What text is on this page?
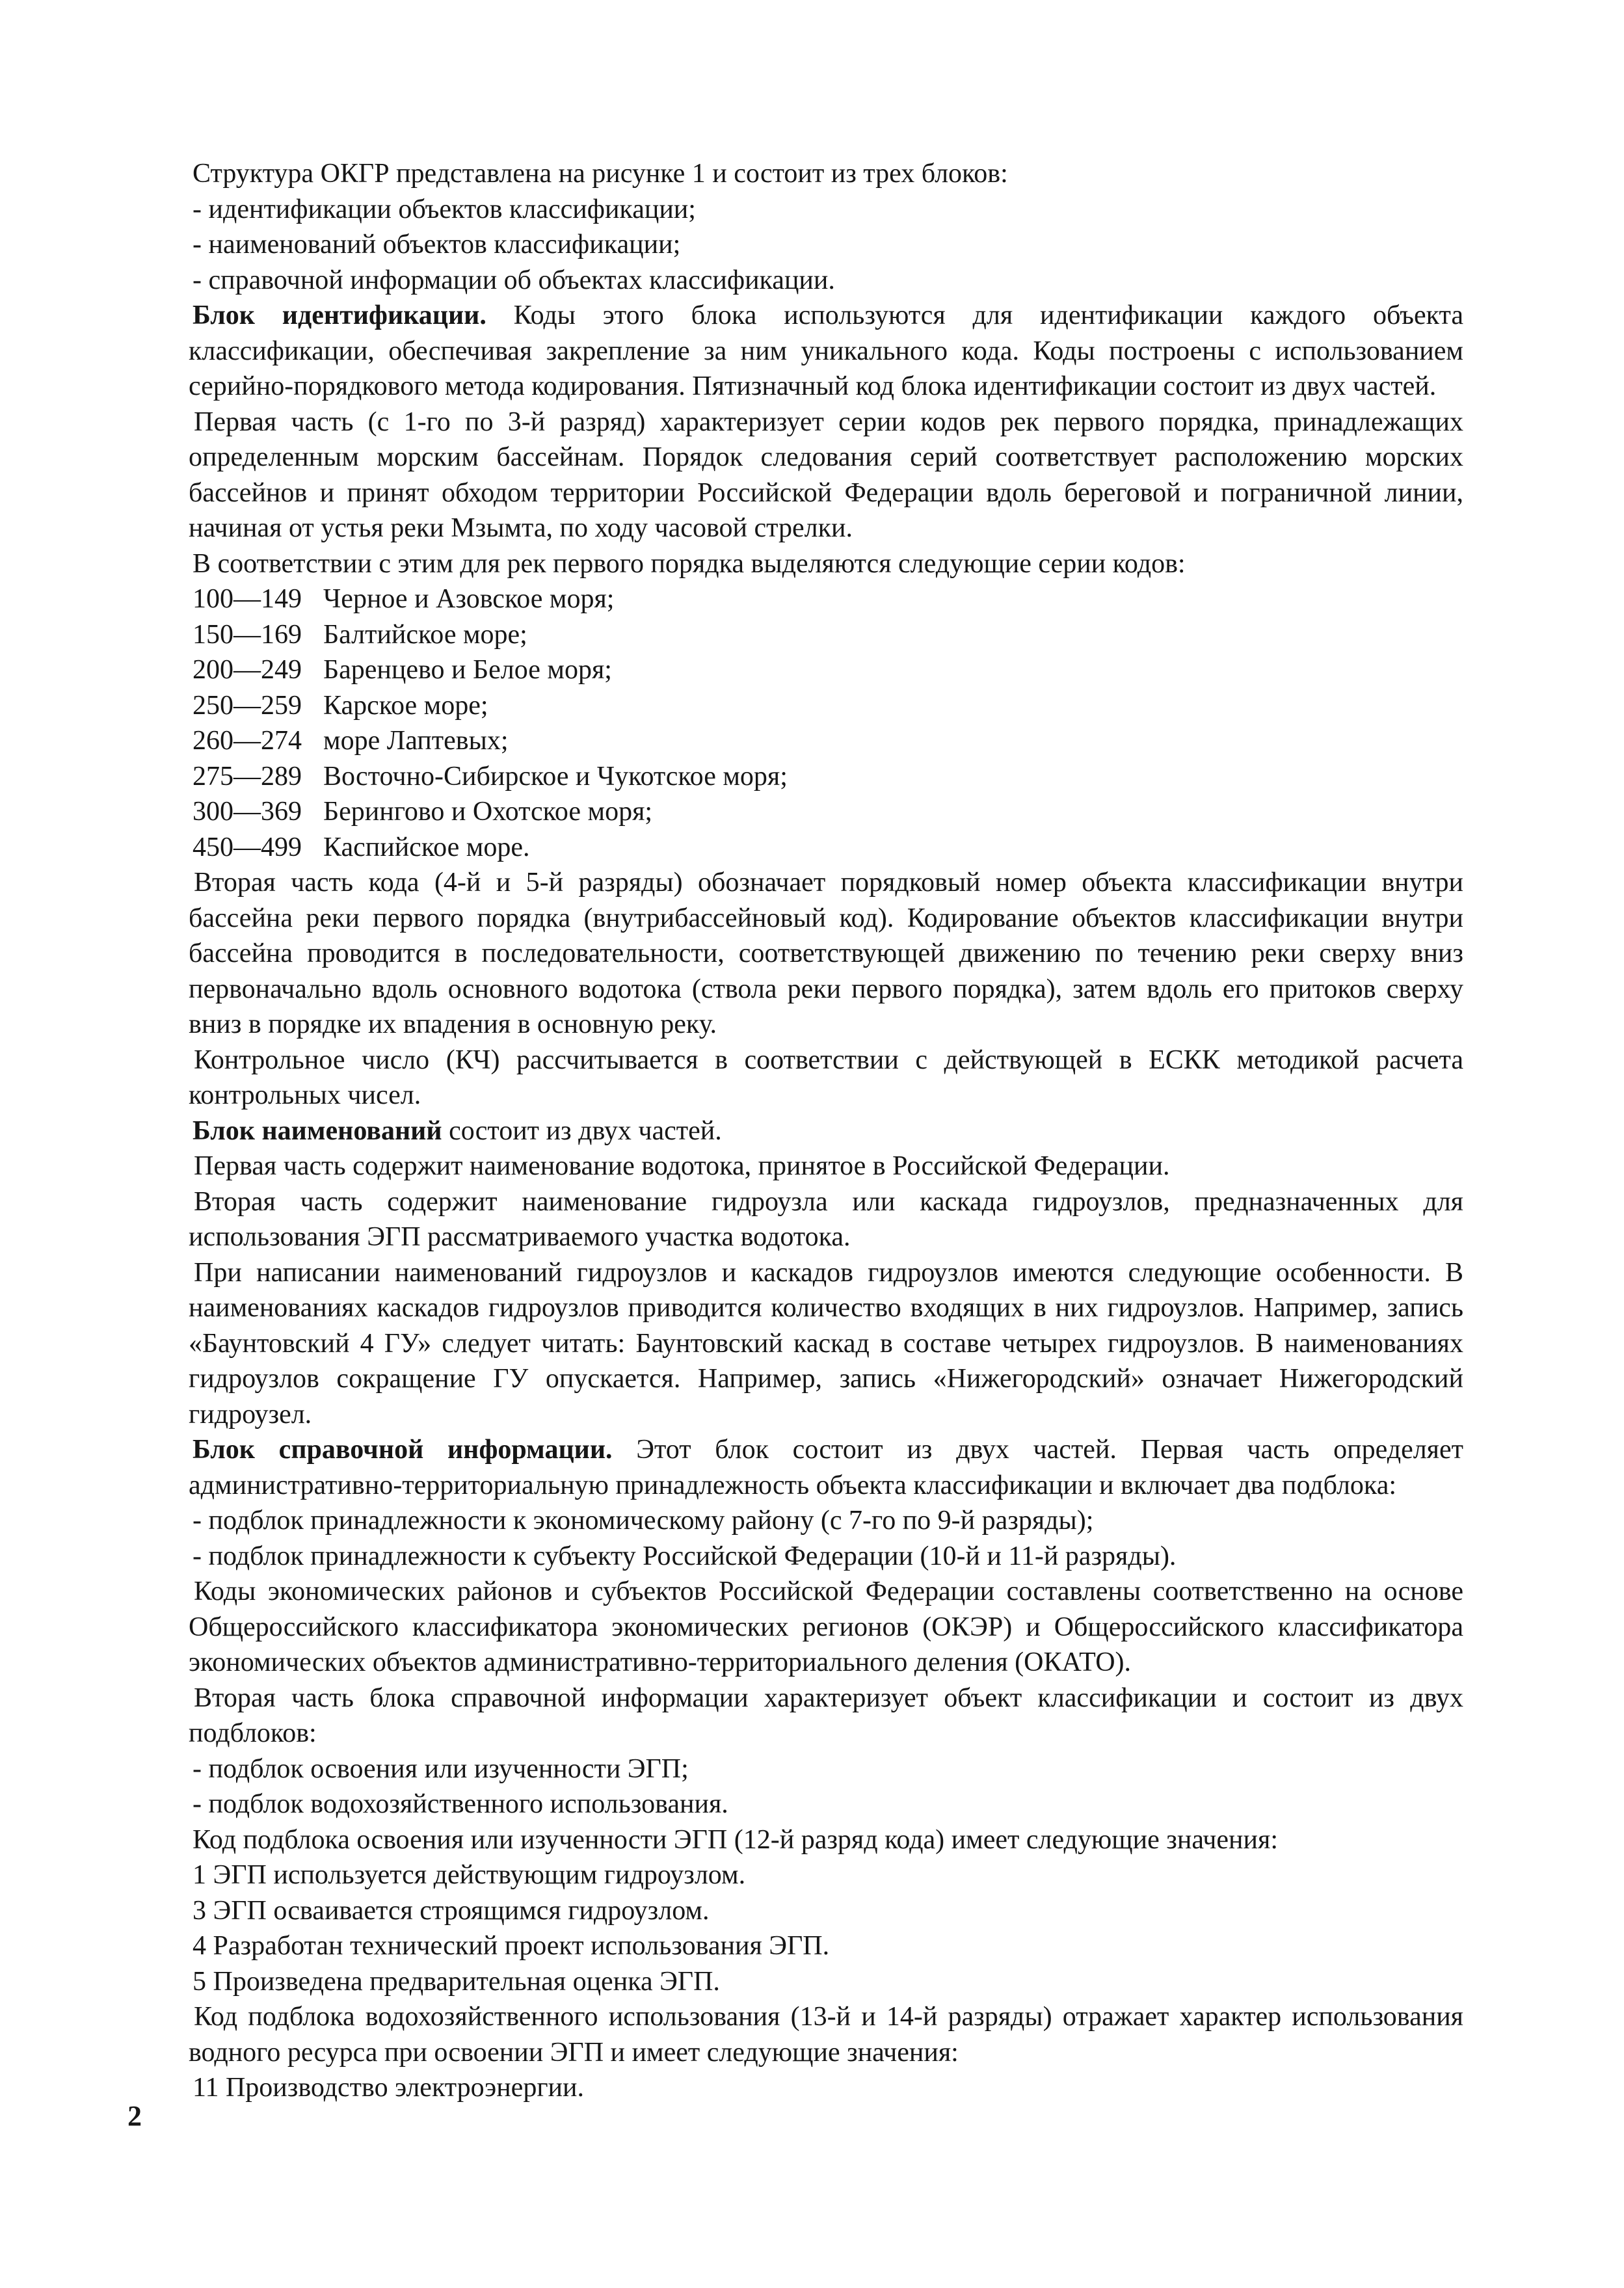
Структура ОКГР представлена на рисунке 1 и состоит из трех блоков:

- идентификации объектов классификации;

- наименований объектов классификации;

- справочной информации об объектах классификации.

Блок идентификации. Коды этого блока используются для идентификации каждого объекта классификации, обеспечивая закрепление за ним уникального кода. Коды построены с использованием серийно-порядкового метода кодирования. Пятизначный код блока идентификации состоит из двух частей.

Первая часть (с 1-го по 3-й разряд) характеризует серии кодов рек первого порядка, принадлежащих определенным морским бассейнам. Порядок следования серий соответствует расположению морских бассейнов и принят обходом территории Российской Федерации вдоль береговой и пограничной линии, начиная от устья реки Мзымта, по ходу часовой стрелки.

В соответствии с этим для рек первого порядка выделяются следующие серии кодов:

100—149 Черное и Азовское моря;

150—169 Балтийское море;

200—249 Баренцево и Белое моря;

250—259 Карское море;

260—274 море Лаптевых;

275—289 Восточно-Сибирское и Чукотское моря;

300—369 Берингово и Охотское моря;

450—499 Каспийское море.

Вторая часть кода (4-й и 5-й разряды) обозначает порядковый номер объекта классификации внутри бассейна реки первого порядка (внутрибассейновый код). Кодирование объектов классификации внутри бассейна проводится в последовательности, соответствующей движению по течению реки сверху вниз первоначально вдоль основного водотока (ствола реки первого порядка), затем вдоль его притоков сверху вниз в порядке их впадения в основную реку.

Контрольное число (КЧ) рассчитывается в соответствии с действующей в ЕСКК методикой расчета контрольных чисел.

Блок наименований состоит из двух частей.

Первая часть содержит наименование водотока, принятое в Российской Федерации.

Вторая часть содержит наименование гидроузла или каскада гидроузлов, предназначенных для использования ЭГП рассматриваемого участка водотока.

При написании наименований гидроузлов и каскадов гидроузлов имеются следующие особенности. В наименованиях каскадов гидроузлов приводится количество входящих в них гидроузлов. Например, запись «Баунтовский 4 ГУ» следует читать: Баунтовский каскад в составе четырех гидроузлов. В наименованиях гидроузлов сокращение ГУ опускается. Например, запись «Нижегородский» означает Нижегородский гидроузел.

Блок справочной информации. Этот блок состоит из двух частей. Первая часть определяет административно-территориальную принадлежность объекта классификации и включает два подблока:

- подблок принадлежности к экономическому району (с 7-го по 9-й разряды);

- подблок принадлежности к субъекту Российской Федерации (10-й и 11-й разряды).

Коды экономических районов и субъектов Российской Федерации составлены соответственно на основе Общероссийского классификатора экономических регионов (ОКЭР) и Общероссийского классификатора экономических объектов административно-территориального деления (ОКАТО).

Вторая часть блока справочной информации характеризует объект классификации и состоит из двух подблоков:

- подблок освоения или изученности ЭГП;

- подблок водохозяйственного использования.

Код подблока освоения или изученности ЭГП (12-й разряд кода) имеет следующие значения:

1 ЭГП используется действующим гидроузлом.

3 ЭГП осваивается строящимся гидроузлом.

4 Разработан технический проект использования ЭГП.

5 Произведена предварительная оценка ЭГП.

Код подблока водохозяйственного использования (13-й и 14-й разряды) отражает характер использования водного ресурса при освоении ЭГП и имеет следующие значения:

11 Производство электроэнергии.

2
